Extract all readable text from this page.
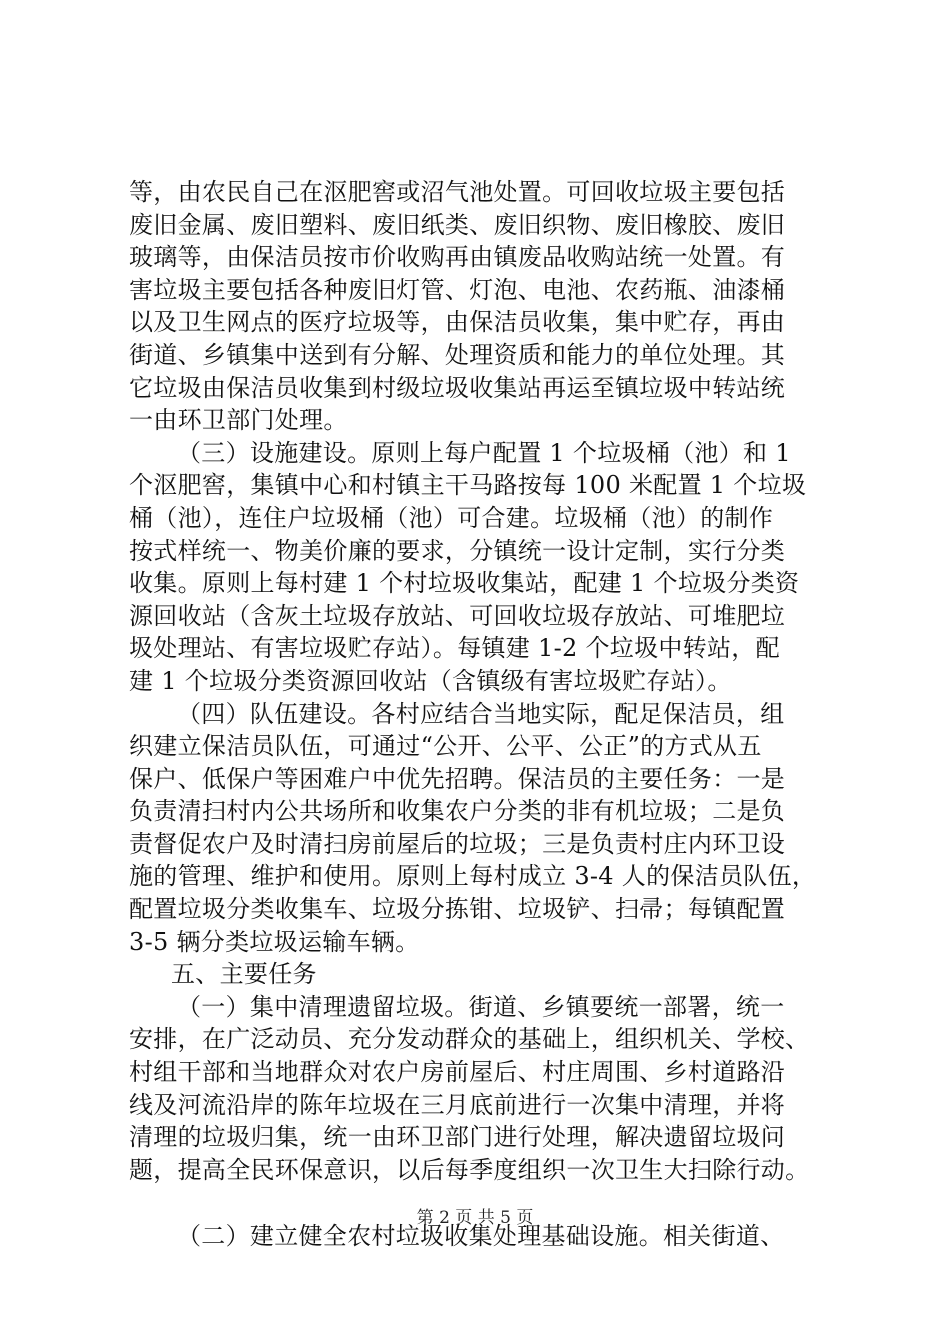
等，由农民自己在沤肥窖或沼气池处置。可回收垃圾主要包括
废旧金属、废旧塑料、废旧纸类、废旧织物、废旧橡胶、废旧
玻璃等，由保洁员按市价收购再由镇废品收购站统一处置。有
害垃圾主要包括各种废旧灯管、灯泡、电池、农药瓶、油漆桶
以及卫生网点的医疗垃圾等，由保洁员收集，集中贮存，再由
街道、乡镇集中送到有分解、处理资质和能力的单位处理。其
它垃圾由保洁员收集到村级垃圾收集站再运至镇垃圾中转站统
一由环卫部门处理。
（三）设施建设。原则上每户配置 1 个垃圾桶（池）和 1
个沤肥窖，集镇中心和村镇主干马路按每 100 米配置 1 个垃圾
桶（池），连住户垃圾桶（池）可合建。垃圾桶（池）的制作
按式样统一、物美价廉的要求，分镇统一设计定制，实行分类
收集。原则上每村建 1 个村垃圾收集站，配建 1 个垃圾分类资
源回收站（含灰土垃圾存放站、可回收垃圾存放站、可堆肥垃
圾处理站、有害垃圾贮存站）。每镇建 1-2 个垃圾中转站，配
建 1 个垃圾分类资源回收站（含镇级有害垃圾贮存站）。
（四）队伍建设。各村应结合当地实际，配足保洁员，组
织建立保洁员队伍，可通过“公开、公平、公正”的方式从五
保户、低保户等困难户中优先招聘。保洁员的主要任务：一是
负责清扫村内公共场所和收集农户分类的非有机垃圾；二是负
责督促农户及时清扫房前屋后的垃圾；三是负责村庄内环卫设
施的管理、维护和使用。原则上每村成立 3-4 人的保洁员队伍，
配置垃圾分类收集车、垃圾分拣钳、垃圾铲、扫帚；每镇配置
3-5 辆分类垃圾运输车辆。
五、主要任务
（一）集中清理遗留垃圾。街道、乡镇要统一部署，统一
安排，在广泛动员、充分发动群众的基础上，组织机关、学校、
村组干部和当地群众对农户房前屋后、村庄周围、乡村道路沿
线及河流沿岸的陈年垃圾在三月底前进行一次集中清理，并将
清理的垃圾归集，统一由环卫部门进行处理，解决遗留垃圾问
题，提高全民环保意识，以后每季度组织一次卫生大扫除行动。
（二）建立健全农村垃圾收集处理基础设施。相关街道、
第 2 页 共 5 页
